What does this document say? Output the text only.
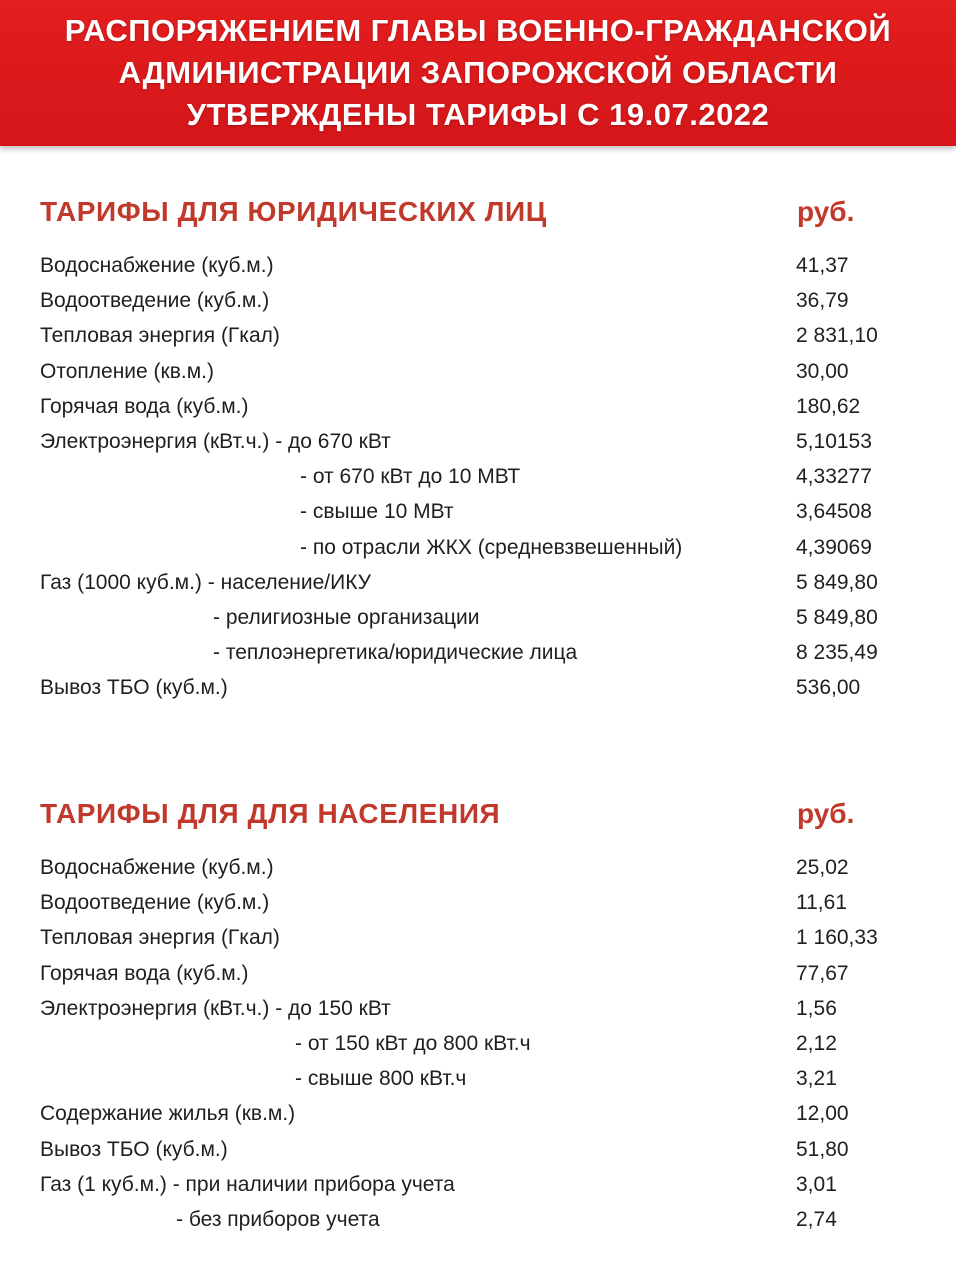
РАСПОРЯЖЕНИЕМ ГЛАВЫ ВОЕННО-ГРАЖДАНСКОЙ
АДМИНИСТРАЦИИ ЗАПОРОЖСКОЙ ОБЛАСТИ
УТВЕРЖДЕНЫ ТАРИФЫ С 19.07.2022
ТАРИФЫ ДЛЯ ЮРИДИЧЕСКИХ ЛИЦ	руб.
Водоснабжение (куб.м.)	41,37
Водоотведение (куб.м.)	36,79
Тепловая энергия (Гкал)	2 831,10
Отопление (кв.м.)	30,00
Горячая вода (куб.м.)	180,62
Электроэнергия (кВт.ч.) - до 670 кВт	5,10153
- от 670 кВт до 10 МВТ	4,33277
- свыше 10 МВт	3,64508
- по отрасли ЖКХ (средневзвешенный)	4,39069
Газ (1000 куб.м.) - население/ИКУ	5 849,80
- религиозные организации	5 849,80
- теплоэнергетика/юридические лица	8 235,49
Вывоз ТБО (куб.м.)	536,00
ТАРИФЫ ДЛЯ ДЛЯ НАСЕЛЕНИЯ	руб.
Водоснабжение (куб.м.)	25,02
Водоотведение (куб.м.)	11,61
Тепловая энергия (Гкал)	1 160,33
Горячая вода (куб.м.)	77,67
Электроэнергия (кВт.ч.) - до 150 кВт	1,56
- от 150 кВт до 800 кВт.ч	2,12
- свыше 800 кВт.ч	3,21
Содержание жилья (кв.м.)	12,00
Вывоз ТБО (куб.м.)	51,80
Газ (1 куб.м.) - при наличии прибора учета	3,01
- без приборов учета	2,74
